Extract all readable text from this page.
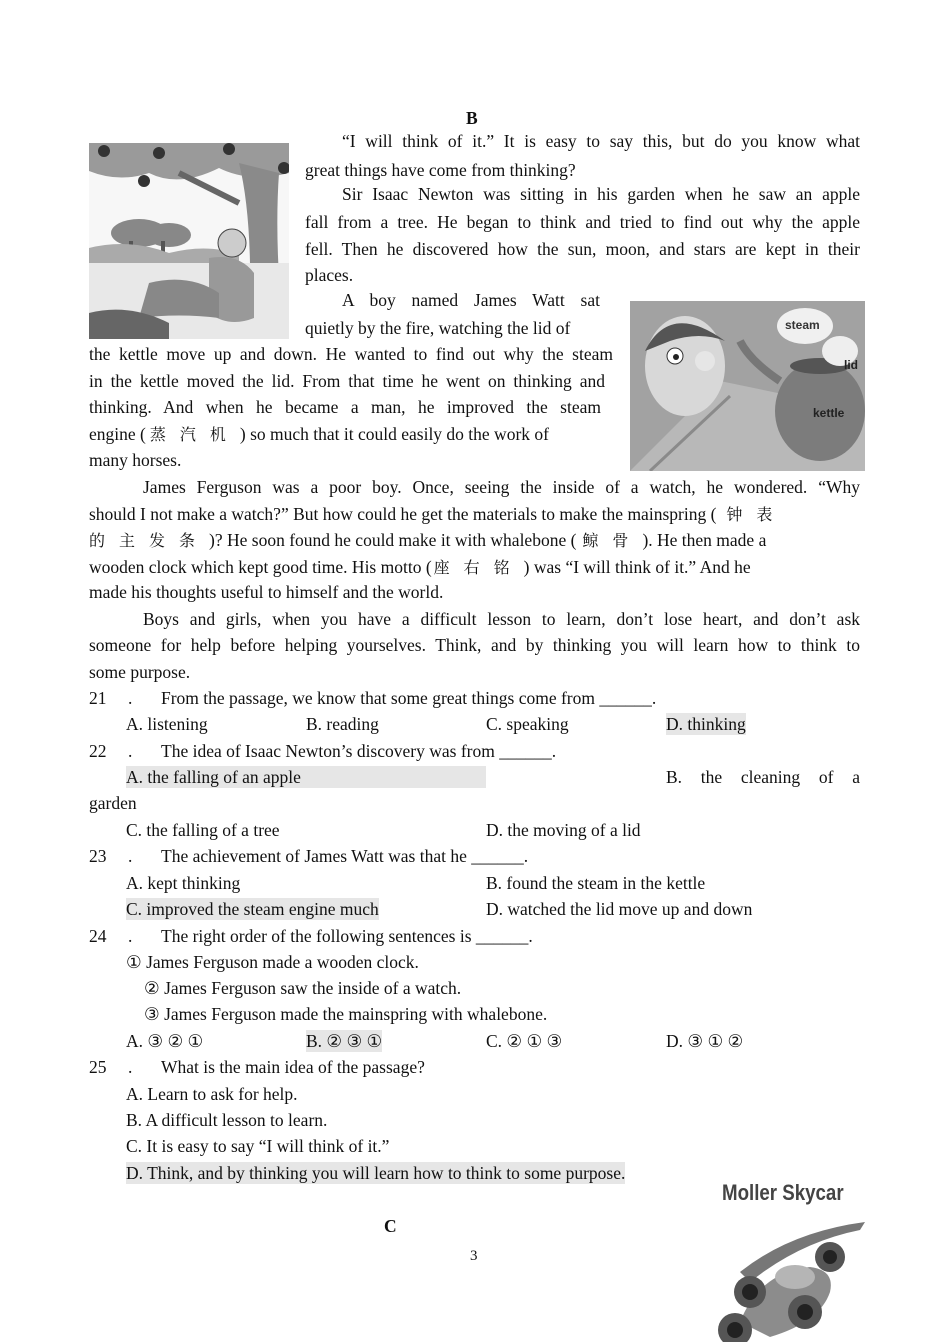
B
“I will think of it.” It is easy to say this, but do you know what
great things have come from thinking?
Sir Isaac Newton was sitting in his garden when he saw an apple
fall from a tree. He began to think and tried to find out why the apple
fell. Then he discovered how the sun, moon, and stars are kept in their
places.
steam
lid
kettle
A boy named James Watt sat
quietly by the fire, watching the lid of
the kettle move up and down. He wanted to find out why the steam
in the kettle moved the lid. From that time he went on thinking and
thinking. And when he became a man, he improved the steam
engine ( 蒸汽机) so much that it could easily do the work of
many horses.
James Ferguson was a poor boy. Once, seeing the inside of a watch, he wondered. “Why
should I not make a watch?” But how could he get the materials to make the mainspring ( 钟表
的主发条)? He soon found he could make it with whalebone ( 鲸骨). He then made a
wooden clock which kept good time. His motto ( 座右铭) was “I will think of it.” And he
made his thoughts useful to himself and the world.
Boys and girls, when you have a difficult lesson to learn, don’t lose heart, and don’t ask
someone for help before helping yourselves. Think, and by thinking you will learn how to think to
some purpose.
21 . From the passage, we know that some great things come from ______.
A. listening	B. reading	C. speaking	D. thinking
22 . The idea of Isaac Newton’s discovery was from ______.
A. the falling of an apple	B. the cleaning of a
garden
C. the falling of a tree	D. the moving of a lid
23 . The achievement of James Watt was that he ______.
A. kept thinking	B. found the steam in the kettle
C. improved the steam engine much	D. watched the lid move up and down
24 . The right order of the following sentences is ______.
① James Ferguson made a wooden clock.
② James Ferguson saw the inside of a watch.
③ James Ferguson made the mainspring with whalebone.
A. ③ ② ①	B. ② ③ ①	C. ② ① ③	D. ③ ① ②
25 . What is the main idea of the passage?
A. Learn to ask for help.
B. A difficult lesson to learn.
C. It is easy to say “I will think of it.”
D. Think, and by thinking you will learn how to think to some purpose.
C
3
Moller Skycar
